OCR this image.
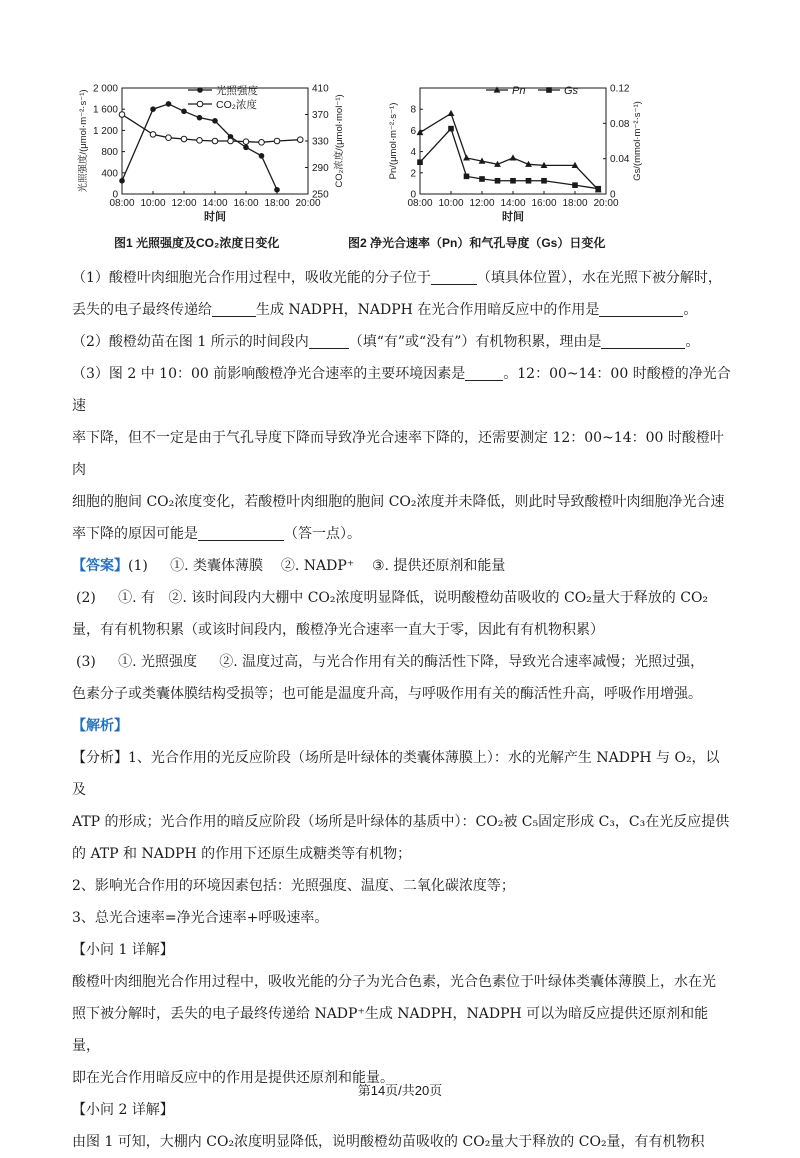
08:00 10:00 12:00 14:00 16:00 18:00 20:00
时间
2 000
1 600
1 200
800
400
0
410
370
330
290
250
光照强度/(μmol·m⁻²·s⁻¹)	CO₂浓度/(μmol·mol⁻¹)
光照强度
CO₂浓度
图1 光照强度及CO₂浓度日变化
08:00 10:00 12:00 14:00 16:00 18:00 20:00
时间
8
6
4
2
0
0.12
0.08
0.04
0
Pn/(μmol·m⁻²·s⁻¹)	Gs/(mmol·m⁻²·s⁻¹)
Pn	Gs
图2 净光合速率（Pn）和气孔导度（Gs）日变化

（1）酸橙叶肉细胞光合作用过程中，吸收光能的分子位于	（填具体位置），水在光照下被分解时，

丢失的电子最终传递给	生成 NADPH，NADPH 在光合作用暗反应中的作用是	。

（2）酸橙幼苗在图 1 所示的时间段内	（填“有”或“没有”）有机物积累，理由是	。

（3）图 2 中 10：00 前影响酸橙净光合速率的主要环境因素是	。12：00~14：00 时酸橙的净光合速

率下降，但不一定是由于气孔导度下降而导致净光合速率下降的，还需要测定 12：00~14：00 时酸橙叶肉

细胞的胞间 CO₂浓度变化，若酸橙叶肉细胞的胞间 CO₂浓度并未降低，则此时导致酸橙叶肉细胞净光合速

率下降的原因可能是	（答一点）。

【答案】(1) ①. 类囊体薄膜 ②. NADP⁺ ③. 提供还原剂和能量

(2) ①. 有 ②. 该时间段内大棚中 CO₂浓度明显降低，说明酸橙幼苗吸收的 CO₂量大于释放的 CO₂

量，有有机物积累（或该时间段内，酸橙净光合速率一直大于零，因此有有机物积累）

(3) ①. 光照强度 ②. 温度过高，与光合作用有关的酶活性下降，导致光合速率减慢；光照过强，

色素分子或类囊体膜结构受损等；也可能是温度升高，与呼吸作用有关的酶活性升高，呼吸作用增强。

【解析】

【分析】1、光合作用的光反应阶段（场所是叶绿体的类囊体薄膜上）：水的光解产生 NADPH 与 O₂，以及

ATP 的形成；光合作用的暗反应阶段（场所是叶绿体的基质中）：CO₂被 C₅固定形成 C₃，C₃在光反应提供

的 ATP 和 NADPH 的作用下还原生成糖类等有机物；

2、影响光合作用的环境因素包括：光照强度、温度、二氧化碳浓度等；

3、总光合速率=净光合速率+呼吸速率。

【小问 1 详解】

酸橙叶肉细胞光合作用过程中，吸收光能的分子为光合色素，光合色素位于叶绿体类囊体薄膜上，水在光

照下被分解时，丢失的电子最终传递给 NADP⁺生成 NADPH，NADPH 可以为暗反应提供还原剂和能量，

即在光合作用暗反应中的作用是提供还原剂和能量。

【小问 2 详解】

由图 1 可知，大棚内 CO₂浓度明显降低，说明酸橙幼苗吸收的 CO₂量大于释放的 CO₂量，有有机物积

第14页/共20页
